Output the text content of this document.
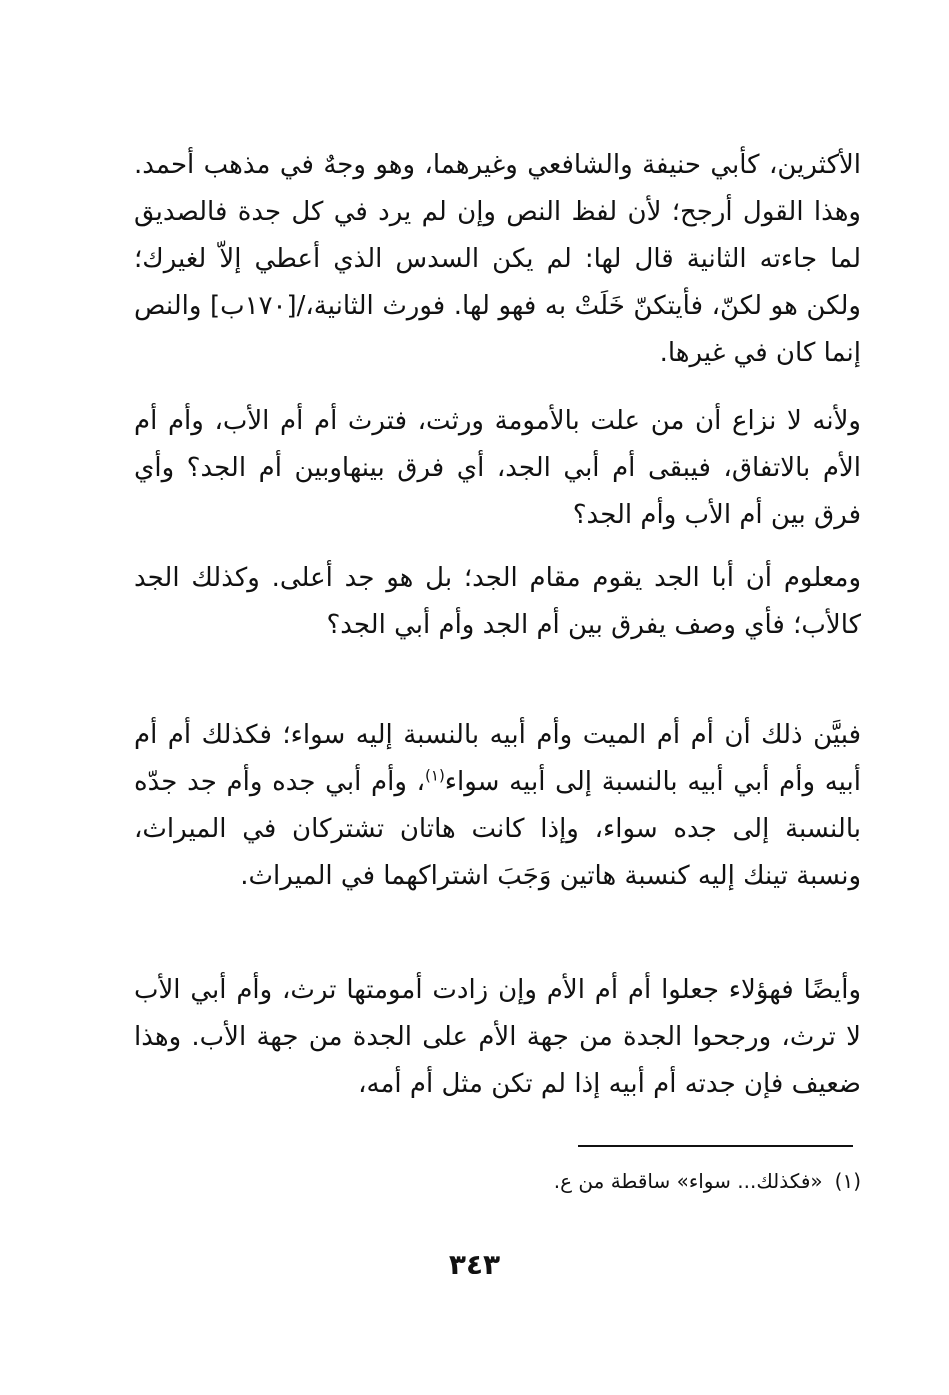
الأكثرين، كأبي حنيفة والشافعي وغيرهما، وهو وجهٌ في مذهب أحمد. وهذا القول أرجح؛ لأن لفظ النص وإن لم يرد في كل جدة فالصديق لما جاءته الثانية قال لها: لم يكن السدس الذي أعطي إلاّ لغيرك؛ ولكن هو لكنّ، فأيتكنّ خَلَتْ به فهو لها. فورث الثانية،/[١٧٠ب] والنص إنما كان في غيرها.

ولأنه لا نزاع أن من علت بالأمومة ورثت، فترث أم أم الأب، وأم أم الأم بالاتفاق، فيبقى أم أبي الجد، أي فرق بينهاوبين أم الجد؟ وأي فرق بين أم الأب وأم الجد؟

ومعلوم أن أبا الجد يقوم مقام الجد؛ بل هو جد أعلى. وكذلك الجد كالأب؛ فأي وصف يفرق بين أم الجد وأم أبي الجد؟

فبيَّن ذلك أن أم أم الميت وأم أبيه بالنسبة إليه سواء؛ فكذلك أم أم أبيه وأم أبي أبيه بالنسبة إلى أبيه سواء$^{(١)}$، وأم أبي جده وأم جد جدّه بالنسبة إلى جده سواء، وإذا كانت هاتان تشتركان في الميراث، ونسبة تينك إليه كنسبة هاتين وَجَبَ اشتراكهما في الميراث.

وأيضًا فهؤلاء جعلوا أم أم الأم وإن زادت أمومتها ترث، وأم أبي الأب لا ترث، ورجحوا الجدة من جهة الأم على الجدة من جهة الأب. وهذا ضعيف فإن جدته أم أبيه إذا لم تكن مثل أم أمه،

(١)«فكذلك... سواء» ساقطة من ع.

٣٤٣
